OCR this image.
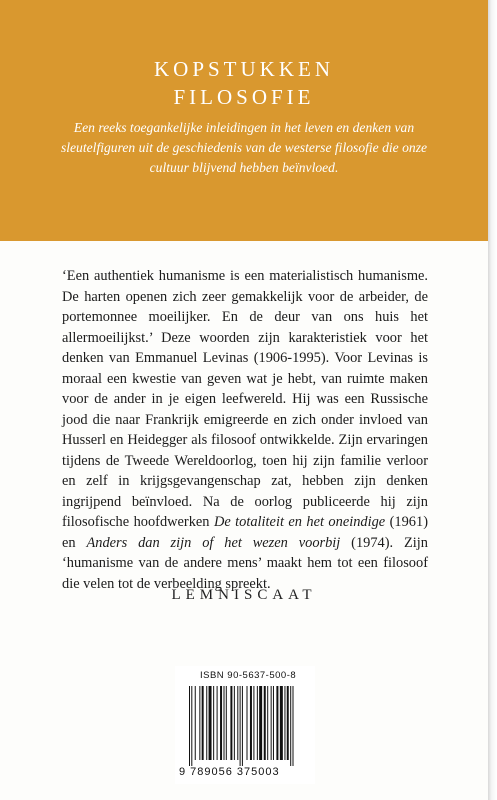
KOPSTUKKEN
FILOSOFIE

Een reeks toegankelijke inleidingen in het leven en denken van sleutelfiguren uit de geschiedenis van de westerse filosofie die onze cultuur blijvend hebben beïnvloed.

‘Een authentiek humanisme is een materialistisch humanisme. De harten openen zich zeer gemakkelijk voor de arbeider, de portemonnee moeilijker. En de deur van ons huis het allermoeilijkst.’ Deze woorden zijn karakteristiek voor het denken van Emmanuel Levinas (1906-1995). Voor Levinas is moraal een kwestie van geven wat je hebt, van ruimte maken voor de ander in je eigen leefwereld. Hij was een Russische jood die naar Frankrijk emigreerde en zich onder invloed van Husserl en Heidegger als filosoof ontwikkelde. Zijn ervaringen tijdens de Tweede Wereldoorlog, toen hij zijn familie verloor en zelf in krijgsgevangenschap zat, hebben zijn denken ingrijpend beïnvloed. Na de oorlog publiceerde hij zijn filosofische hoofdwerken De totaliteit en het oneindige (1961) en Anders dan zijn of het wezen voorbij (1974). Zijn ‘humanisme van de andere mens’ maakt hem tot een filosoof die velen tot de verbeelding spreekt.

LEMNISCAAT
ISBN 90-5637-500-8
9 789056 375003
